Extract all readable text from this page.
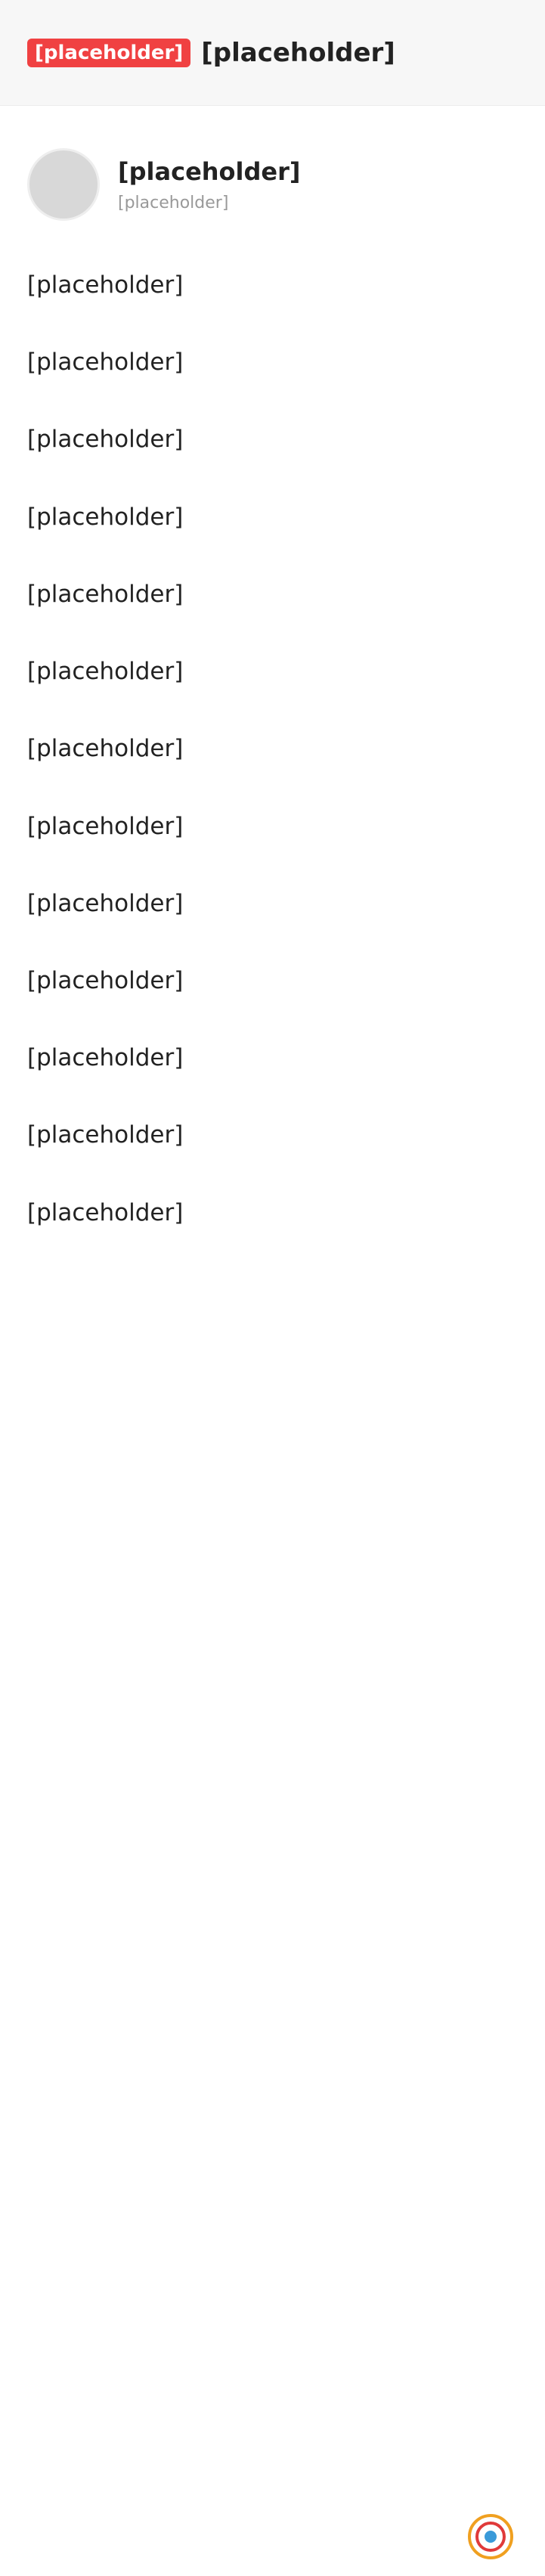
[placeholder] [placeholder]
[placeholder]
[placeholder]

[placeholder]

[placeholder]

[placeholder]

[placeholder]

[placeholder]

[placeholder]

[placeholder]

[placeholder]

[placeholder]

[placeholder]

[placeholder]

[placeholder]

[placeholder]
